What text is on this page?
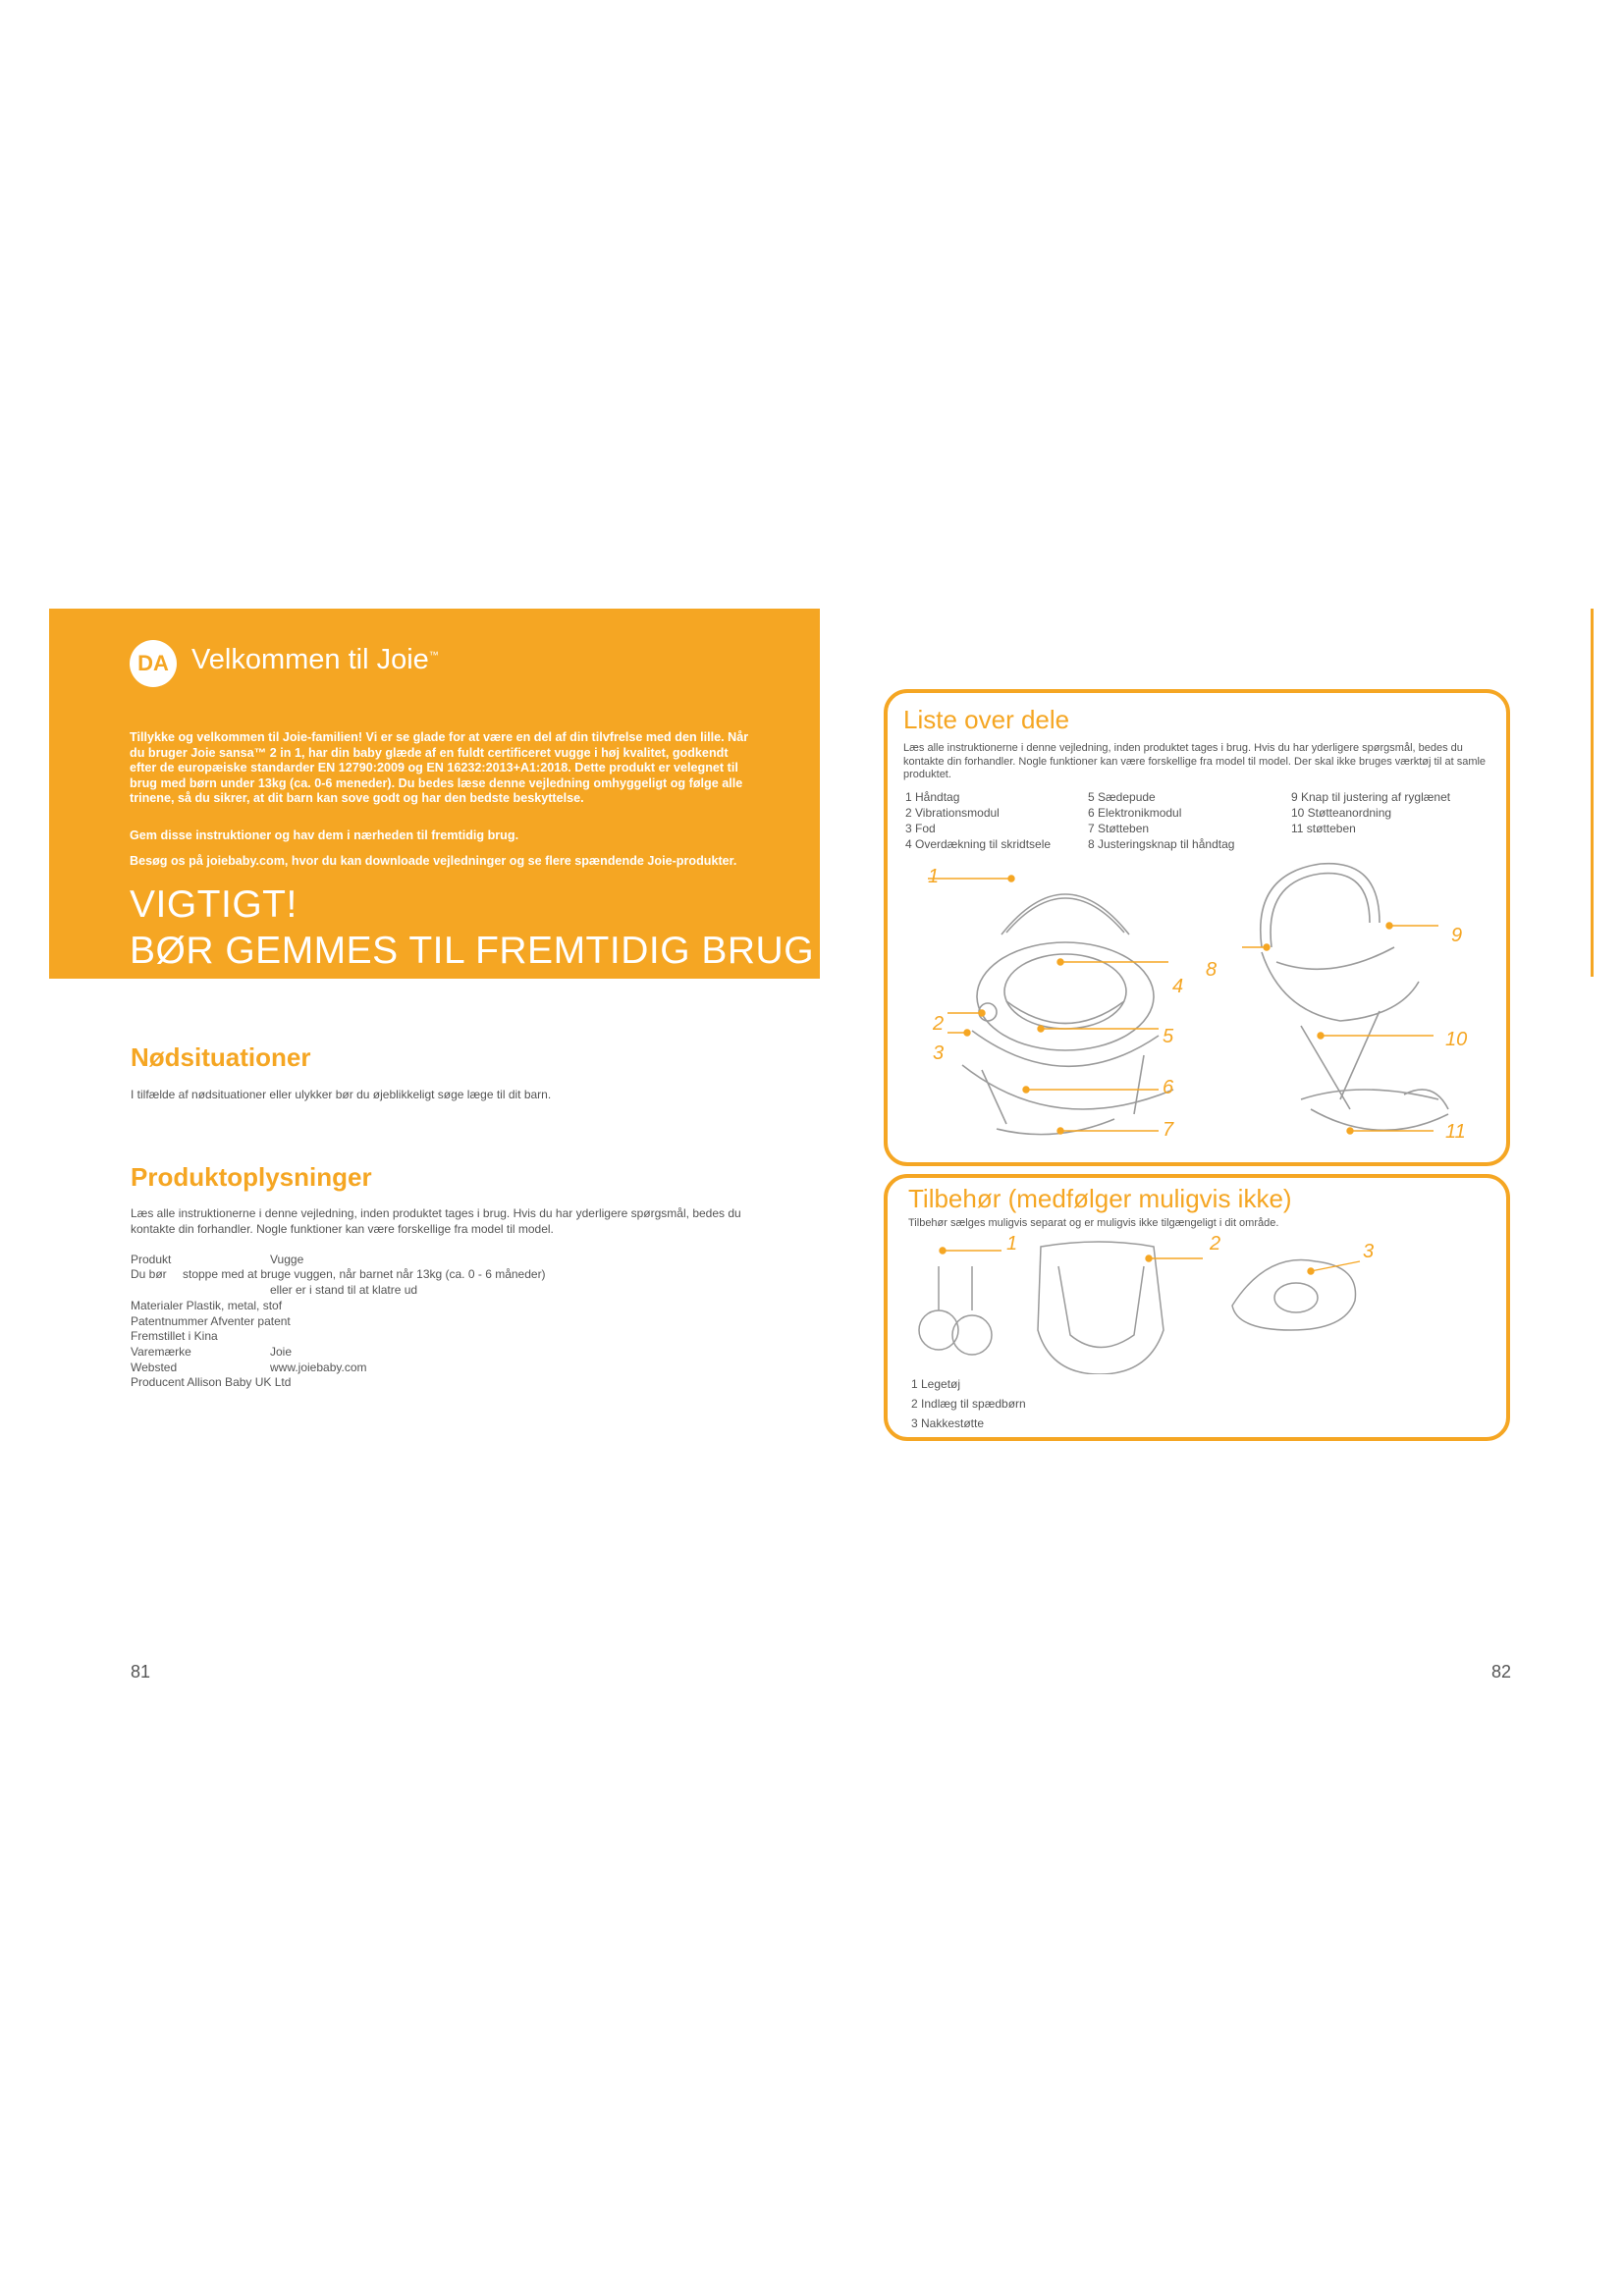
DA Velkommen til Joie™
Tillykke og velkommen til Joie-familien! Vi er se glade for at være en del af din tilvfrelse med den lille. Når du bruger Joie sansa™ 2 in 1, har din baby glæde af en fuldt certificeret vugge i høj kvalitet, godkendt efter de europæiske standarder EN 12790:2009 og EN 16232:2013+A1:2018. Dette produkt er velegnet til brug med børn under 13kg (ca. 0-6 meneder). Du bedes læse denne vejledning omhyggeligt og følge alle trinene, så du sikrer, at dit barn kan sove godt og har den bedste beskyttelse.
Gem disse instruktioner og hav dem i nærheden til fremtidig brug.
Besøg os på joiebaby.com, hvor du kan downloade vejledninger og se flere spændende Joie-produkter.
VIGTIGT!
BØR GEMMES TIL FREMTIDIG BRUG
Nødsituationer
I tilfælde af nødsituationer eller ulykker bør du øjeblikkeligt søge læge til dit barn.
Produktoplysninger
Læs alle instruktionerne i denne vejledning, inden produktet tages i brug. Hvis du har yderligere spørgsmål, bedes du kontakte din forhandler. Nogle funktioner kan være forskellige fra model til model.
Produkt	Vugge
Du bør stoppe med at bruge vuggen, når barnet når 13kg (ca. 0 - 6 måneder)
eller er i stand til at klatre ud
Materialer Plastik, metal, stof
Patentnummer Afventer patent
Fremstillet i Kina
Varemærke	Joie
Websted	www.joiebaby.com
Producent Allison Baby UK Ltd
81
Liste over dele
Læs alle instruktionerne i denne vejledning, inden produktet tages i brug. Hvis du har yderligere spørgsmål, bedes du kontakte din forhandler. Nogle funktioner kan være forskellige fra model til model. Der skal ikke bruges værktøj til at samle produktet.
1 Håndtag
2 Vibrationsmodul
3 Fod
4 Overdækning til skridtsele
5 Sædepude
6 Elektronikmodul
7 Støtteben
8 Justeringsknap til håndtag
9 Knap til justering af ryglænet
10 Støtteanordning
11 støtteben
1
2
3
4
5
6
7
8
9
10
11
Tilbehør (medfølger muligvis ikke)
Tilbehør sælges muligvis separat og er muligvis ikke tilgængeligt i dit område.
1	2	3
1 Legetøj
2 Indlæg til spædbørn
3 Nakkestøtte
82
